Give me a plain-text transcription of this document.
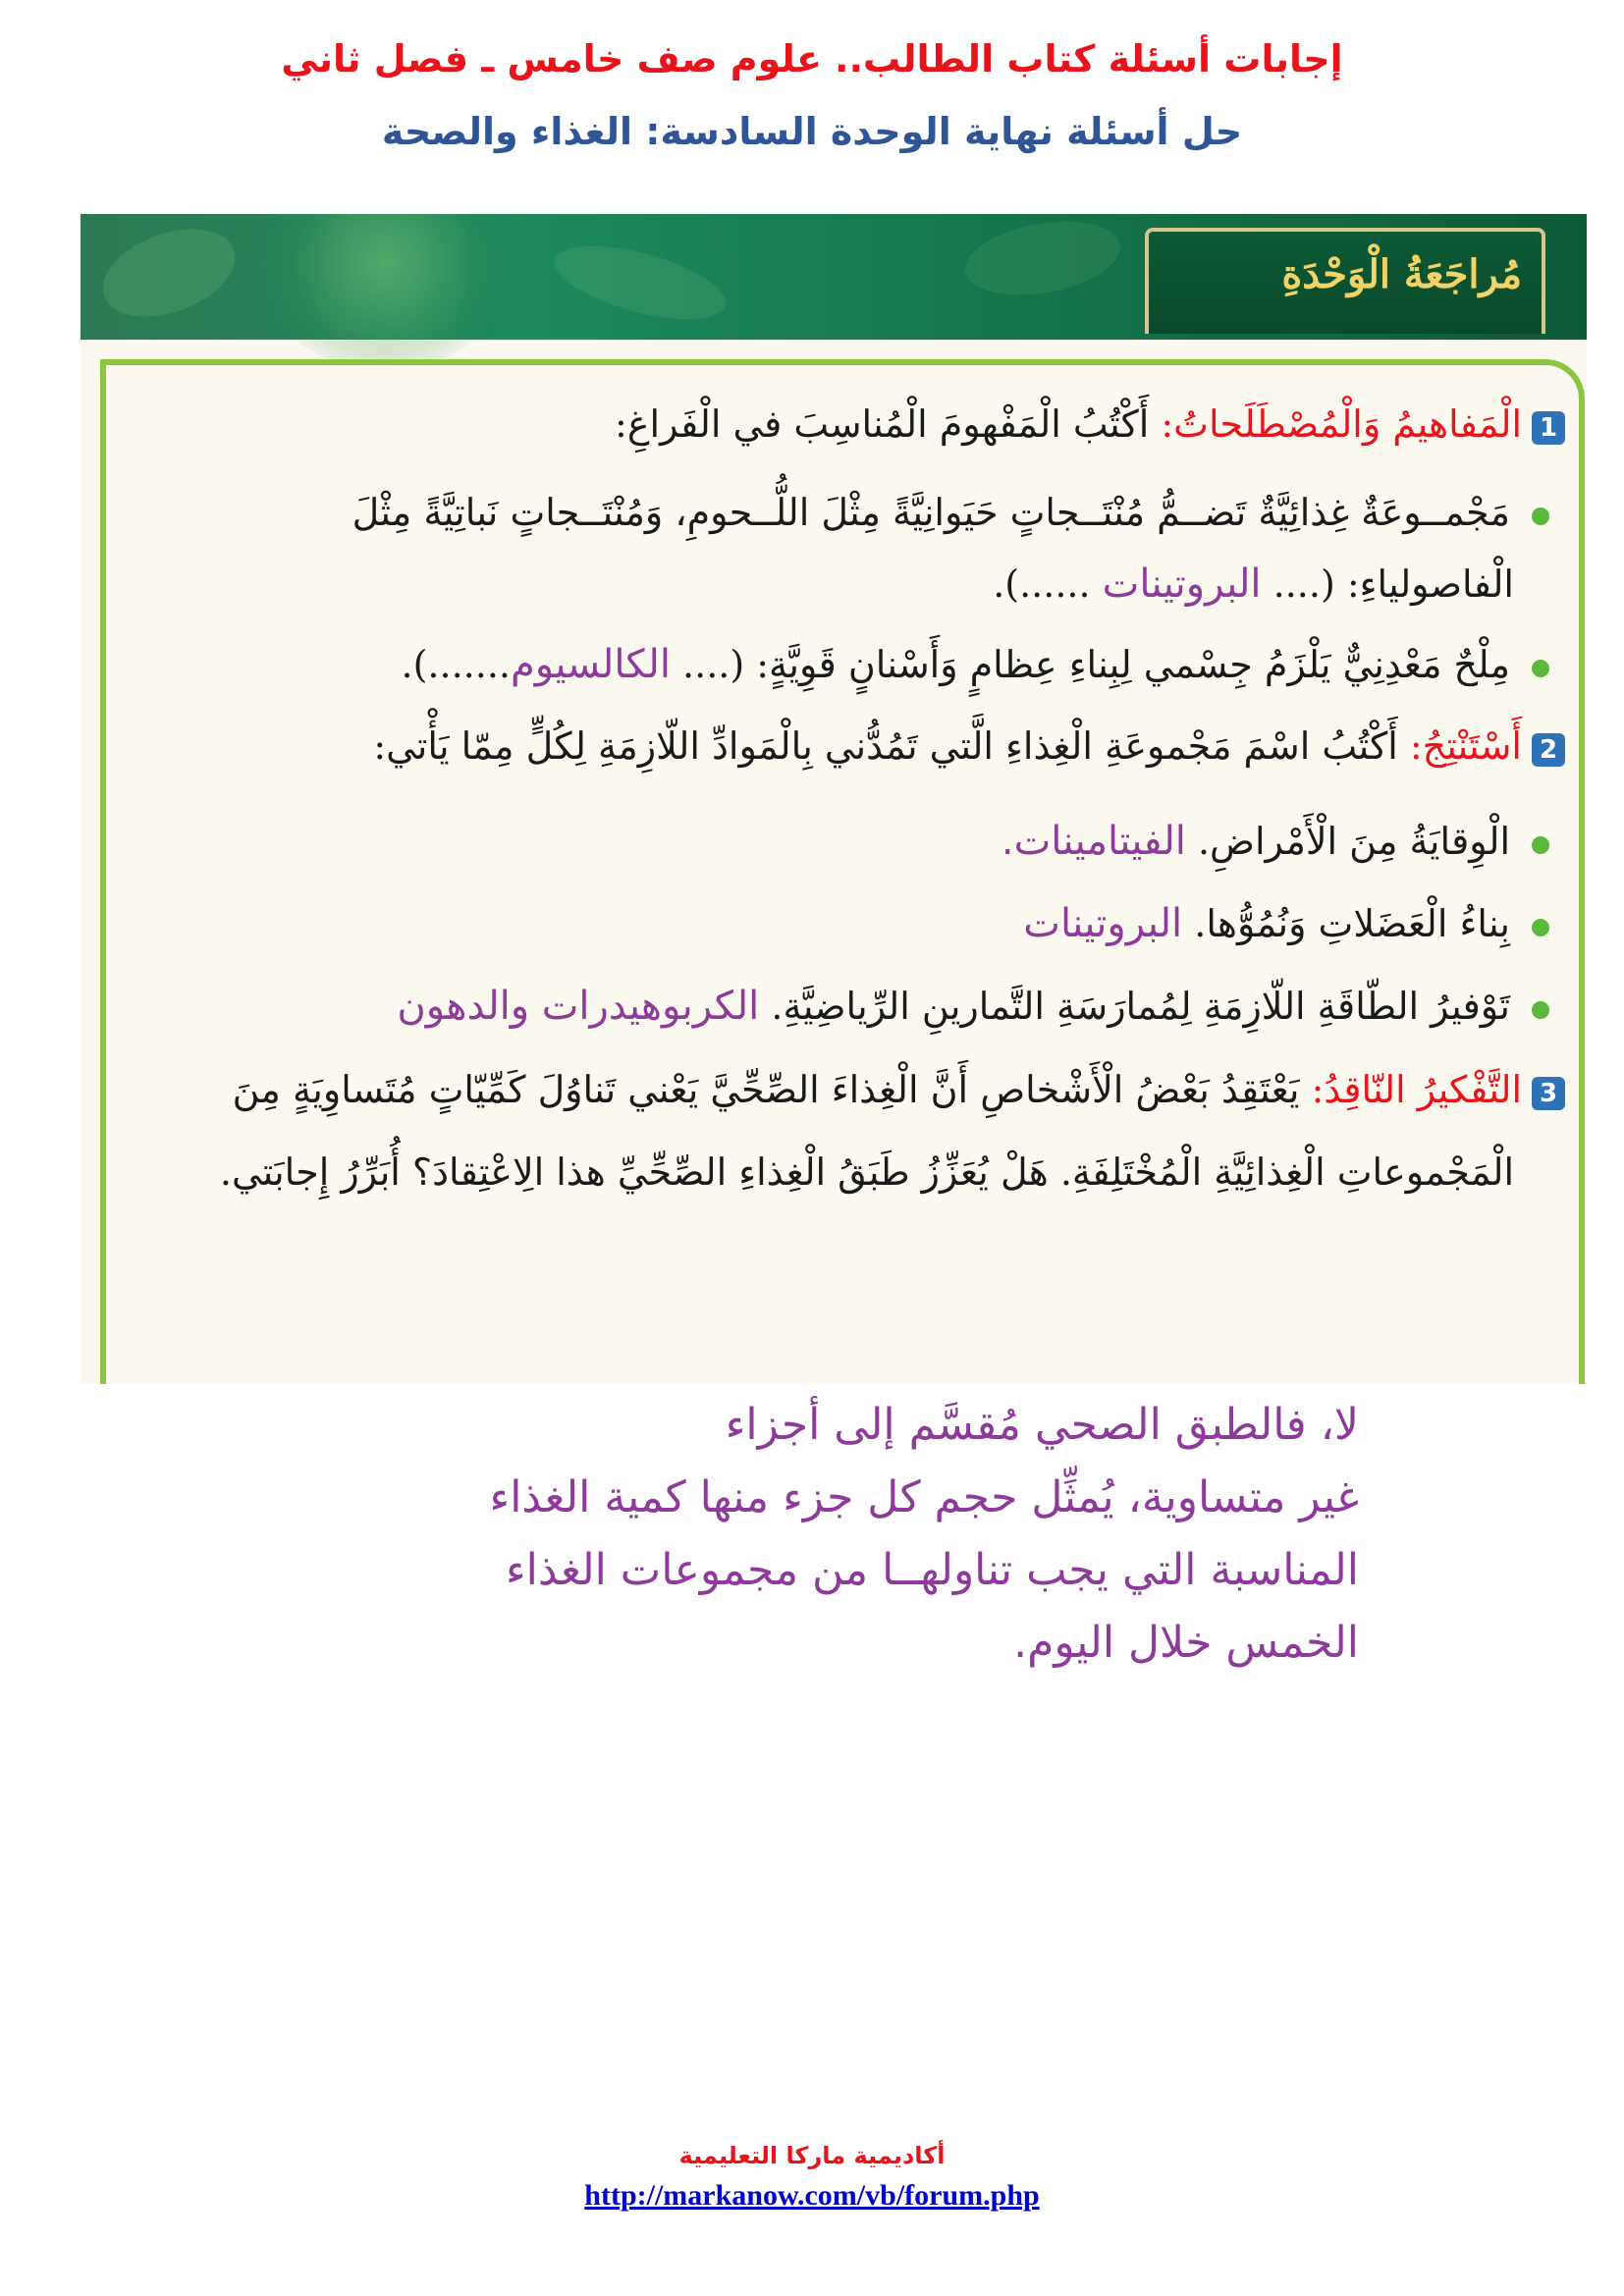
إجابات أسئلة كتاب الطالب.. علوم صف خامس ـ فصل ثاني
حل أسئلة نهاية الوحدة السادسة: الغذاء والصحة
مُراجَعَةُ الْوَحْدَةِ
1الْمَفاهيمُ وَالْمُصْطَلَحاتُ: أَكْتُبُ الْمَفْهومَ الْمُناسِبَ في الْفَراغِ:
مَجْمــوعَةٌ غِذائِيَّةٌ تَضــمُّ مُنْتَــجاتٍ حَيَوانِيَّةً مِثْلَ اللُّــحومِ، وَمُنْتَــجاتٍ نَباتِيَّةً مِثْلَ
الْفاصولياءِ: (.... البروتينات ......).
مِلْحٌ مَعْدِنِيٌّ يَلْزَمُ جِسْمي لِبِناءِ عِظامٍ وَأَسْنانٍ قَوِيَّةٍ: (.... الكالسيوم.......).
2أَسْتَنْتِجُ: أَكْتُبُ اسْمَ مَجْموعَةِ الْغِذاءِ الَّتي تَمُدُّني بِالْمَوادِّ اللّازِمَةِ لِكُلٍّ مِمّا يَأْتي:
الْوِقايَةُ مِنَ الْأَمْراضِ. الفيتامينات.
بِناءُ الْعَضَلاتِ وَنُمُوُّها. البروتينات
تَوْفيرُ الطّاقَةِ اللّازِمَةِ لِمُمارَسَةِ التَّمارينِ الرِّياضِيَّةِ. الكربوهيدرات والدهون
3التَّفْكيرُ النّاقِدُ: يَعْتَقِدُ بَعْضُ الْأَشْخاصِ أَنَّ الْغِذاءَ الصِّحِّيَّ يَعْني تَناوُلَ كَمِّيّاتٍ مُتَساوِيَةٍ مِنَ
الْمَجْموعاتِ الْغِذائِيَّةِ الْمُخْتَلِفَةِ. هَلْ يُعَزِّزُ طَبَقُ الْغِذاءِ الصِّحِّيِّ هذا الِاعْتِقادَ؟ أُبَرِّرُ إِجابَتي.
لا، فالطبق الصحي مُقسَّم إلى أجزاء
غير متساوية، يُمثِّل حجم كل جزء منها كمية الغذاء
المناسبة التي يجب تناولهــا من مجموعات الغذاء
الخمس خلال اليوم.
أكاديمية ماركا التعليمية
http://markanow.com/vb/forum.php
